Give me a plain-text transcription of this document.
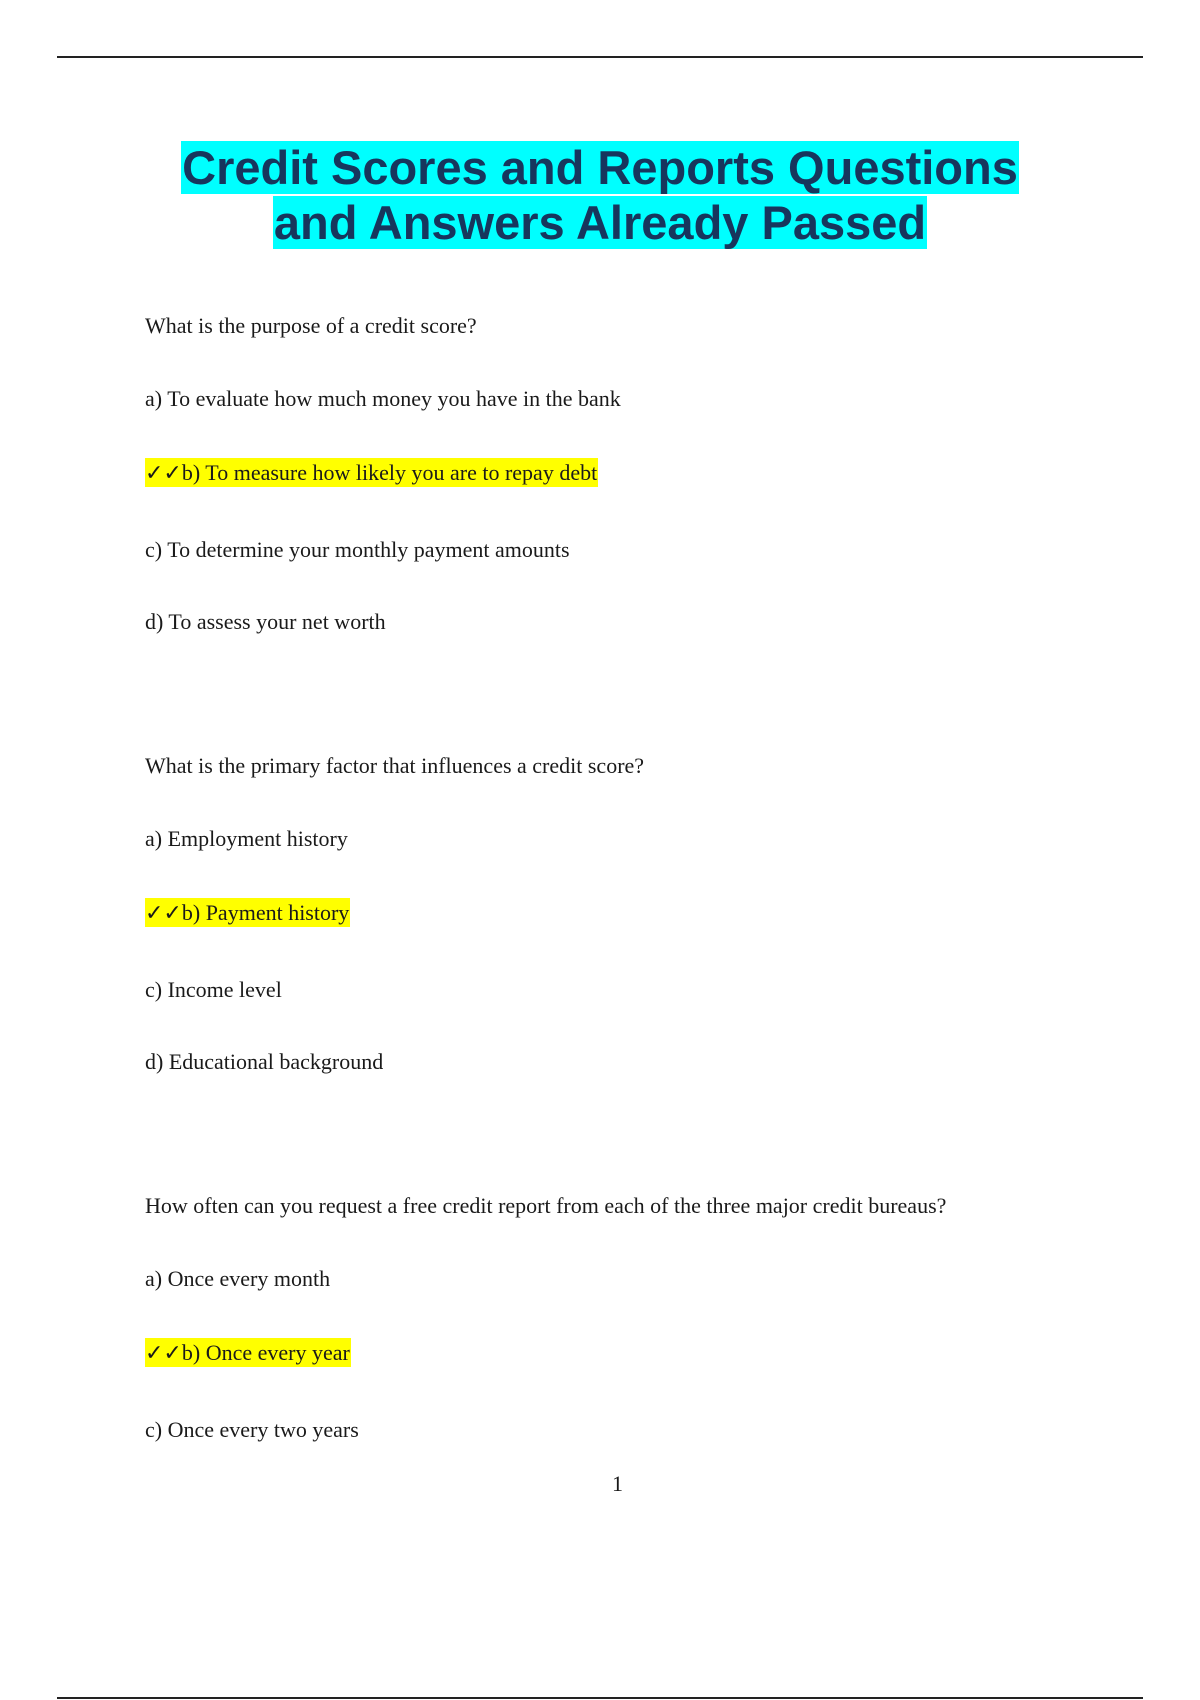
Credit Scores and Reports Questions
and Answers Already Passed

What is the purpose of a credit score?

a) To evaluate how much money you have in the bank

✓✓b) To measure how likely you are to repay debt

c) To determine your monthly payment amounts

d) To assess your net worth

What is the primary factor that influences a credit score?

a) Employment history

✓✓b) Payment history

c) Income level

d) Educational background

How often can you request a free credit report from each of the three major credit bureaus?

a) Once every month

✓✓b) Once every year

c) Once every two years

1
